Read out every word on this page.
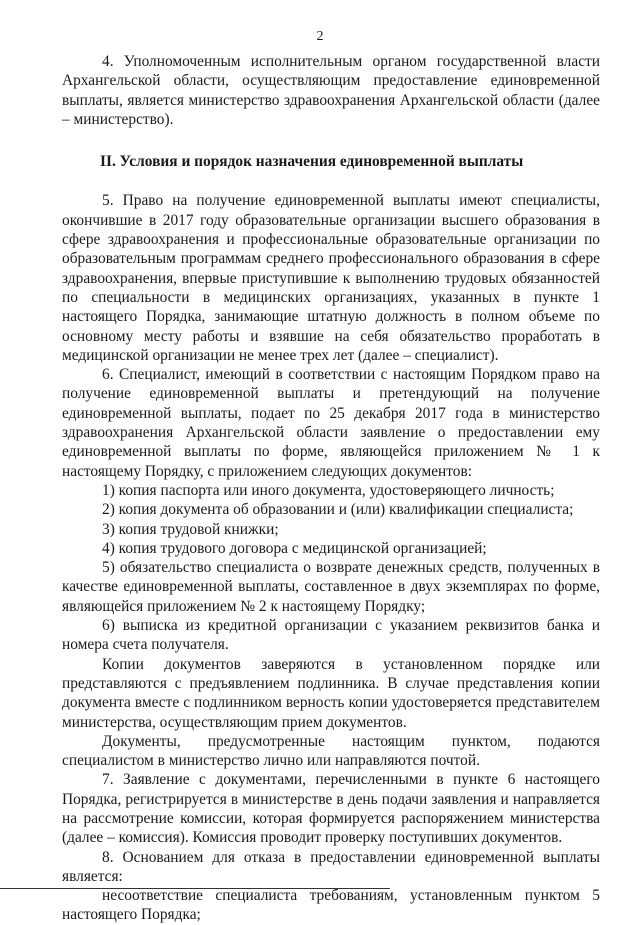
2

4. Уполномоченным исполнительным органом государственной власти Архангельской области, осуществляющим предоставление единовременной выплаты, является министерство здравоохранения Архангельской области (далее – министерство).

II. Условия и порядок назначения единовременной выплаты

5. Право на получение единовременной выплаты имеют специалисты, окончившие в 2017 году образовательные организации высшего образования в сфере здравоохранения и профессиональные образовательные организации по образовательным программам среднего профессионального образования в сфере здравоохранения, впервые приступившие к выполнению трудовых обязанностей по специальности в медицинских организациях, указанных в пункте 1 настоящего Порядка, занимающие штатную должность в полном объеме по основному месту работы и взявшие на себя обязательство проработать в медицинской организации не менее трех лет (далее – специалист).

6. Специалист, имеющий в соответствии с настоящим Порядком право на получение единовременной выплаты и претендующий на получение единовременной выплаты, подает по 25 декабря 2017 года в министерство здравоохранения Архангельской области заявление о предоставлении ему единовременной выплаты по форме, являющейся приложением № 1 к настоящему Порядку, с приложением следующих документов:

1) копия паспорта или иного документа, удостоверяющего личность;

2) копия документа об образовании и (или) квалификации специалиста;

3) копия трудовой книжки;

4) копия трудового договора с медицинской организацией;

5) обязательство специалиста о возврате денежных средств, полученных в качестве единовременной выплаты, составленное в двух экземплярах по форме, являющейся приложением № 2 к настоящему Порядку;

6) выписка из кредитной организации с указанием реквизитов банка и номера счета получателя.

Копии документов заверяются в установленном порядке или представляются с предъявлением подлинника. В случае представления копии документа вместе с подлинником верность копии удостоверяется представителем министерства, осуществляющим прием документов.

Документы, предусмотренные настоящим пунктом, подаются специалистом в министерство лично или направляются почтой.

7. Заявление с документами, перечисленными в пункте 6 настоящего Порядка, регистрируется в министерстве в день подачи заявления и направляется на рассмотрение комиссии, которая формируется распоряжением министерства (далее – комиссия). Комиссия проводит проверку поступивших документов.

8. Основанием для отказа в предоставлении единовременной выплаты является:

несоответствие специалиста требованиям, установленным пунктом 5 настоящего Порядка;
